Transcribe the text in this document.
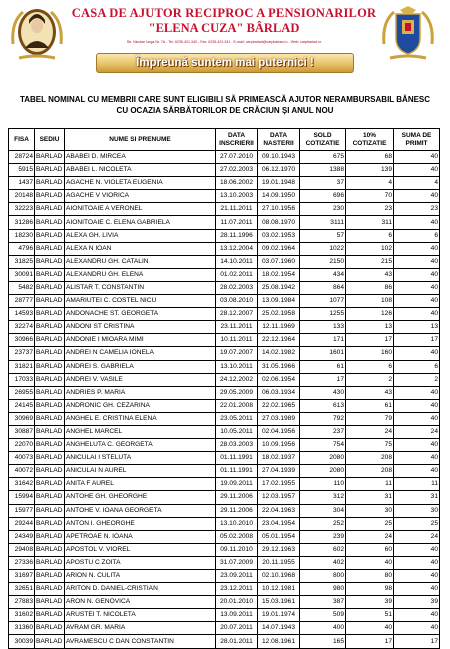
CASA DE AJUTOR RECIPROC A PENSIONARILOR
"ELENA CUZA" BÂRLAD
Str. Nicolae Iorga Nr. 7A - Tel.:0235-421.340 - Fax: 0235-421.341 - E-mail: carpbarlad@carpbarlad.ro - Web: carpbarlad.ro
Împreună suntem mai puternici !
TABEL NOMINAL CU MEMBRII CARE SUNT ELIGIBILI SĂ PRIMEASCĂ AJUTOR NERAMBURSABIL BĂNESC
CU OCAZIA SĂRBĂTORILOR DE CRĂCIUN ȘI ANUL NOU
FISA	SEDIU	NUME SI PRENUME	DATA INSCRIERII	DATA NASTERII	SOLD COTIZATIE	10% COTIZATIE	SUMA DE PRIMIT
28724	BARLAD	ABABEI D. MIRCEA	27.07.2010	09.10.1943	675	68	40
5915	BARLAD	ABABEI L. NICOLETA	27.02.2003	06.12.1970	1388	139	40
1437	BARLAD	AGACHE N. VIOLETA EUGENIA	18.06.2002	19.01.1948	37	4	4
20148	BARLAD	AGACHE V VIORICA	13.10.2003	14.09.1950	696	70	40
32223	BARLAD	AIONITOAIE A VERONEL	21.11.2011	27.10.1956	230	23	23
31286	BARLAD	AIONITOAIE C. ELENA GABRIELA	11.07.2011	08.08.1970	3111	311	40
18230	BARLAD	ALEXA GH. LIVIA	28.11.1996	03.02.1953	57	6	6
4796	BARLAD	ALEXA N IOAN	13.12.2004	09.02.1964	1022	102	40
31825	BARLAD	ALEXANDRU GH. CATALIN	14.10.2011	03.07.1960	2150	215	40
30091	BARLAD	ALEXANDRU GH. ELENA	01.02.2011	18.02.1954	434	43	40
5482	BARLAD	ALISTAR T. CONSTANTIN	28.02.2003	25.08.1942	864	86	40
28777	BARLAD	AMARIUTEI C. COSTEL NICU	03.08.2010	13.09.1984	1077	108	40
14593	BARLAD	ANDONACHE ST. GEORGETA	28.12.2007	25.02.1958	1255	126	40
32274	BARLAD	ANDONI ST CRISTINA	23.11.2011	12.11.1969	133	13	13
30966	BARLAD	ANDONIE I MIOARA MIMI	10.11.2011	22.12.1964	171	17	17
23737	BARLAD	ANDREI N CAMELIA IONELA	19.07.2007	14.02.1982	1601	160	40
31821	BARLAD	ANDREI S. GABRIELA	13.10.2011	31.05.1966	61	6	6
17033	BARLAD	ANDREI V. VASILE	24.12.2002	02.06.1954	17	2	2
26955	BARLAD	ANDRIES P. MARIA	29.05.2009	06.03.1934	430	43	40
24145	BARLAD	ANDRONIC GH. CEZARINA	22.01.2008	22.02.1965	613	61	40
30969	BARLAD	ANGHEL E. CRISTINA ELENA	23.05.2011	27.03.1989	792	79	40
30887	BARLAD	ANGHEL MARCEL	10.05.2011	02.04.1956	237	24	24
22070	BARLAD	ANGHELUTA C. GEORGETA	28.03.2003	10.09.1956	754	75	40
40073	BARLAD	ANICULAI I STELUTA	01.11.1991	18.02.1937	2080	208	40
40072	BARLAD	ANICULAI N AUREL	01.11.1991	27.04.1939	2080	208	40
31642	BARLAD	ANITA F AUREL	19.09.2011	17.02.1955	110	11	11
15994	BARLAD	ANTOHE GH. GHEORGHE	29.11.2006	12.03.1957	312	31	31
15977	BARLAD	ANTOHE V. IOANA GEORGETA	29.11.2006	22.04.1963	304	30	30
29244	BARLAD	ANTON I. GHEORGHE	13.10.2010	23.04.1954	252	25	25
24349	BARLAD	APETROAE N. IOANA	05.02.2008	05.01.1954	239	24	24
29408	BARLAD	APOSTOL V. VIOREL	09.11.2010	29.12.1963	602	60	40
27336	BARLAD	APOSTU C ZOITA	31.07.2009	20.11.1955	402	40	40
31697	BARLAD	ARION N. CULITA	23.09.2011	02.10.1968	800	80	40
32651	BARLAD	ARITON D. DANIEL-CRISTIAN	23.12.2011	10.12.1981	980	98	40
27883	BARLAD	ARON N. GENOVICA	20.01.2010	15.03.1961	387	39	39
31602	BARLAD	ARUSTEI T. NICOLETA	13.09.2011	19.01.1974	509	51	40
31360	BARLAD	AVRAM GR. MARIA	20.07.2011	14.07.1943	400	40	40
30039	BARLAD	AVRAMESCU C DAN CONSTANTIN	28.01.2011	12.08.1961	165	17	17
